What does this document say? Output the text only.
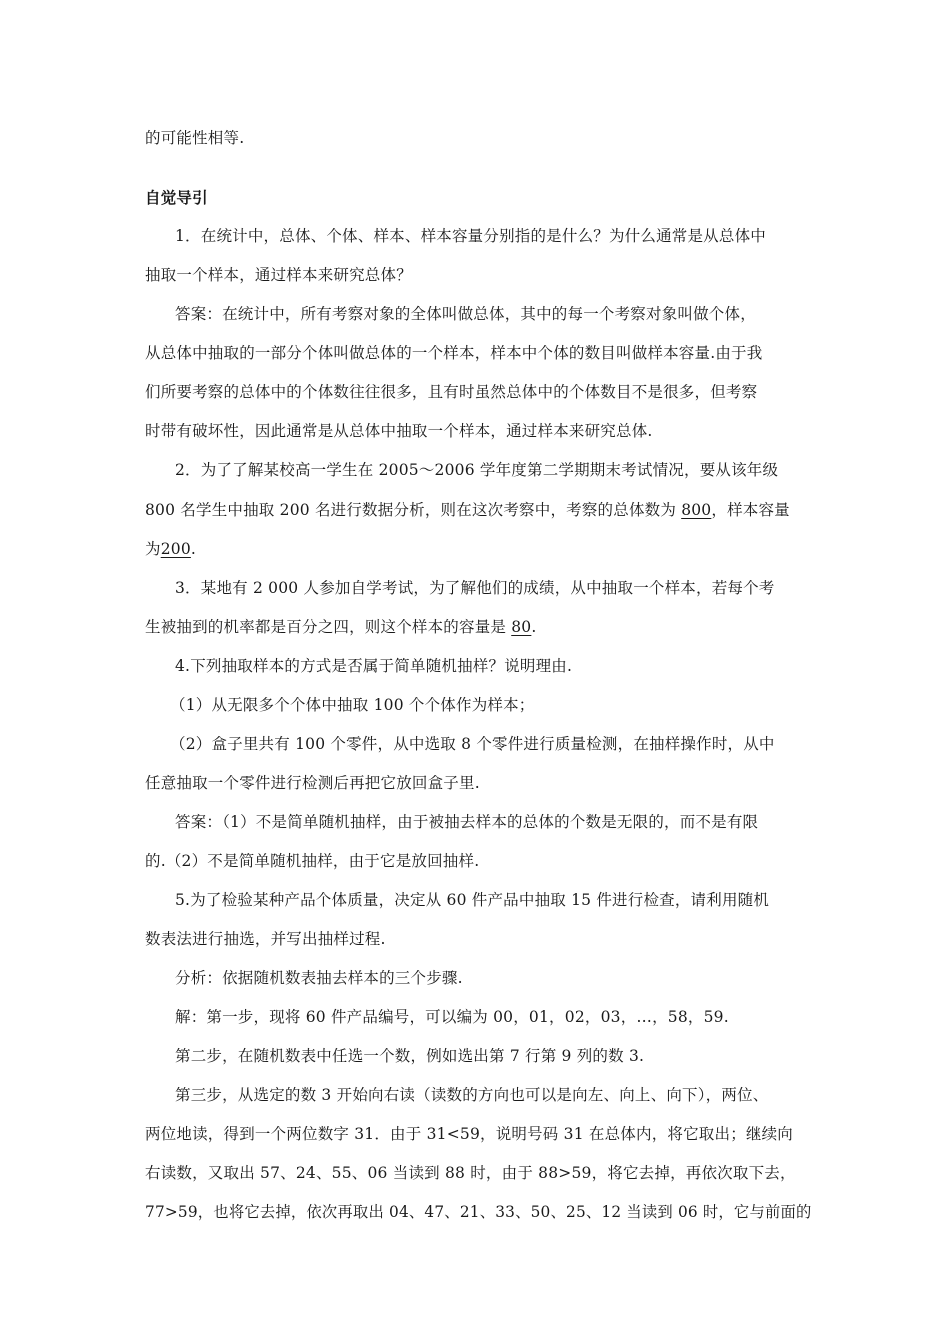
的可能性相等.
自觉导引
1．在统计中，总体、个体、样本、样本容量分别指的是什么？为什么通常是从总体中
抽取一个样本，通过样本来研究总体？
答案：在统计中，所有考察对象的全体叫做总体，其中的每一个考察对象叫做个体，
从总体中抽取的一部分个体叫做总体的一个样本，样本中个体的数目叫做样本容量.由于我
们所要考察的总体中的个体数往往很多，且有时虽然总体中的个体数目不是很多，但考察
时带有破坏性，因此通常是从总体中抽取一个样本，通过样本来研究总体.
2．为了了解某校高一学生在 2005～2006 学年度第二学期期末考试情况，要从该年级
800 名学生中抽取 200 名进行数据分析，则在这次考察中，考察的总体数为 800，样本容量
为200.
3．某地有 2 000 人参加自学考试，为了解他们的成绩，从中抽取一个样本，若每个考
生被抽到的机率都是百分之四，则这个样本的容量是 80.
4.下列抽取样本的方式是否属于简单随机抽样？说明理由.
（1）从无限多个个体中抽取 100 个个体作为样本；
（2）盒子里共有 100 个零件，从中选取 8 个零件进行质量检测，在抽样操作时，从中
任意抽取一个零件进行检测后再把它放回盒子里.
答案：（1）不是简单随机抽样，由于被抽去样本的总体的个数是无限的，而不是有限
的.（2）不是简单随机抽样，由于它是放回抽样.
5.为了检验某种产品个体质量，决定从 60 件产品中抽取 15 件进行检查，请利用随机
数表法进行抽选，并写出抽样过程.
分析：依据随机数表抽去样本的三个步骤.
解：第一步，现将 60 件产品编号，可以编为 00，01，02，03，…，58，59.
第二步，在随机数表中任选一个数，例如选出第 7 行第 9 列的数 3.
第三步，从选定的数 3 开始向右读（读数的方向也可以是向左、向上、向下），两位、
两位地读，得到一个两位数字 31．由于 31<59，说明号码 31 在总体内，将它取出；继续向
右读数，又取出 57、24、55、06 当读到 88 时，由于 88>59，将它去掉，再依次取下去，
77>59，也将它去掉，依次再取出 04、47、21、33、50、25、12 当读到 06 时，它与前面的
